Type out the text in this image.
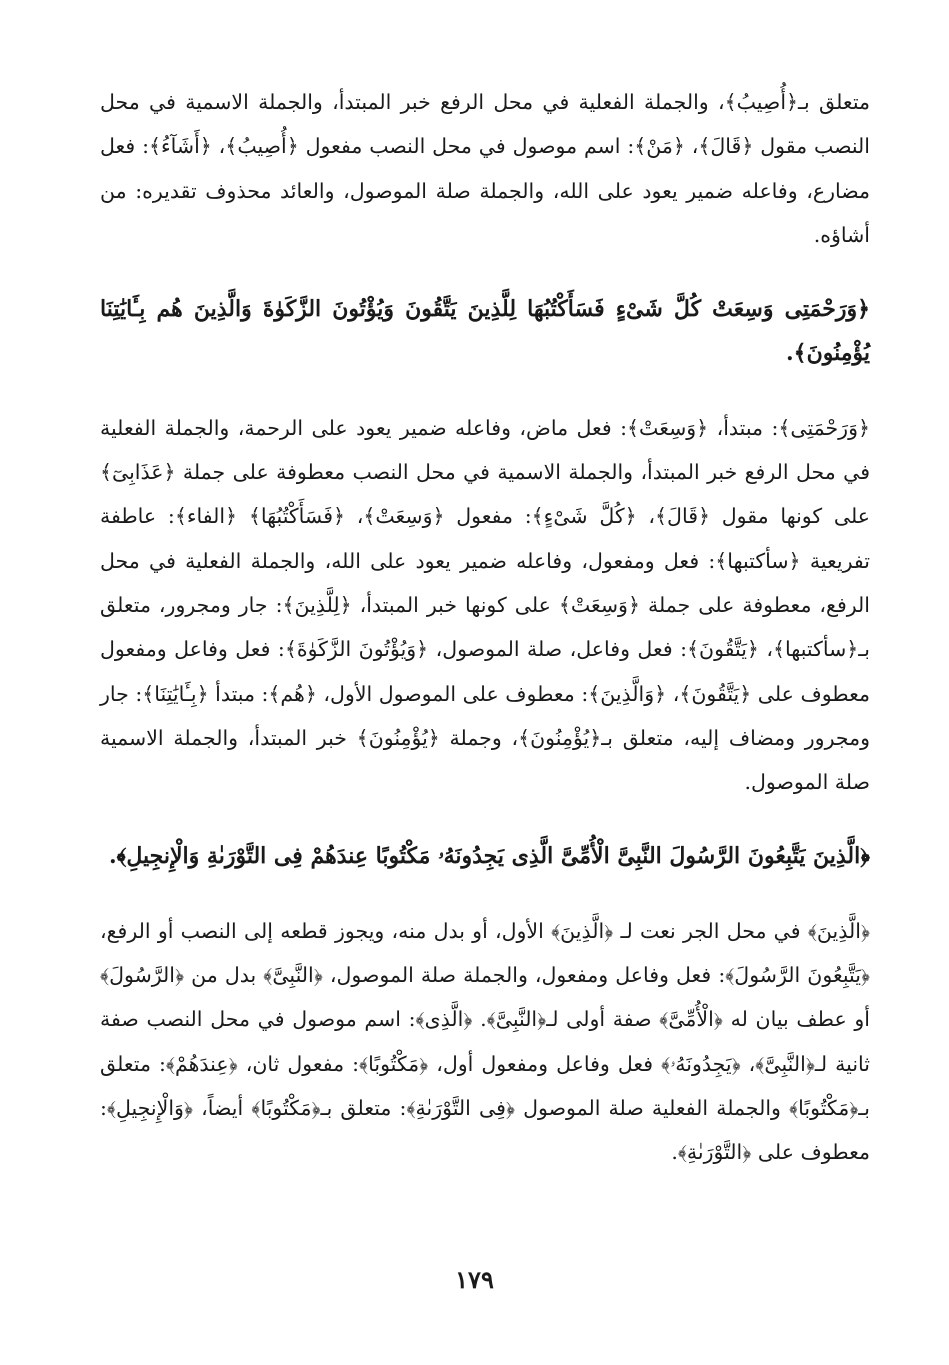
متعلق بـ﴿أُصِيبُ﴾، والجملة الفعلية في محل الرفع خبر المبتدأ، والجملة الاسمية في محل النصب مقول ﴿قَالَ﴾، ﴿مَنْ﴾: اسم موصول في محل النصب مفعول ﴿أُصِيبُ﴾، ﴿أَشَآءُ﴾: فعل مضارع، وفاعله ضمير يعود على الله، والجملة صلة الموصول، والعائد محذوف تقديره: من أشاؤه.

﴿وَرَحْمَتِى وَسِعَتْ كُلَّ شَىْءٍ فَسَأَكْتُبُهَا لِلَّذِينَ يَتَّقُونَ وَيُؤْتُونَ الزَّكَوٰةَ وَالَّذِينَ هُم بِـَٔايَٰتِنَا يُؤْمِنُونَ﴾.

﴿وَرَحْمَتِى﴾: مبتدأ، ﴿وَسِعَتْ﴾: فعل ماض، وفاعله ضمير يعود على الرحمة، والجملة الفعلية في محل الرفع خبر المبتدأ، والجملة الاسمية في محل النصب معطوفة على جملة ﴿عَذَابِىٓ﴾ على كونها مقول ﴿قَالَ﴾، ﴿كُلَّ شَىْءٍ﴾: مفعول ﴿وَسِعَتْ﴾، ﴿فَسَأَكْتُبُهَا﴾ ﴿الفاء﴾: عاطفة تفريعية ﴿سأكتبها﴾: فعل ومفعول، وفاعله ضمير يعود على الله، والجملة الفعلية في محل الرفع، معطوفة على جملة ﴿وَسِعَتْ﴾ على كونها خبر المبتدأ، ﴿لِلَّذِينَ﴾: جار ومجرور، متعلق بـ﴿سأكتبها﴾، ﴿يَتَّقُونَ﴾: فعل وفاعل، صلة الموصول، ﴿وَيُؤْتُونَ الزَّكَوٰةَ﴾: فعل وفاعل ومفعول معطوف على ﴿يَتَّقُونَ﴾، ﴿وَالَّذِينَ﴾: معطوف على الموصول الأول، ﴿هُم﴾: مبتدأ ﴿بِـَٔايَٰتِنَا﴾: جار ومجرور ومضاف إليه، متعلق بـ﴿يُؤْمِنُونَ﴾، وجملة ﴿يُؤْمِنُونَ﴾ خبر المبتدأ، والجملة الاسمية صلة الموصول.

﴿الَّذِينَ يَتَّبِعُونَ الرَّسُولَ النَّبِىَّ الْأُمِّىَّ الَّذِى يَجِدُونَهُۥ مَكْتُوبًا عِندَهُمْ فِى التَّوْرَىٰةِ وَالْإِنجِيلِ﴾.

﴿الَّذِينَ﴾ في محل الجر نعت لـ ﴿الَّذِينَ﴾ الأول، أو بدل منه، ويجوز قطعه إلى النصب أو الرفع، ﴿يَتَّبِعُونَ الرَّسُولَ﴾: فعل وفاعل ومفعول، والجملة صلة الموصول، ﴿النَّبِىَّ﴾ بدل من ﴿الرَّسُولَ﴾ أو عطف بيان له ﴿الْأُمِّىَّ﴾ صفة أولى لـ﴿النَّبِىَّ﴾. ﴿الَّذِى﴾: اسم موصول في محل النصب صفة ثانية لـ﴿النَّبِىَّ﴾، ﴿يَجِدُونَهُۥ﴾ فعل وفاعل ومفعول أول، ﴿مَكْتُوبًا﴾: مفعول ثان، ﴿عِندَهُمْ﴾: متعلق بـ﴿مَكْتُوبًا﴾ والجملة الفعلية صلة الموصول ﴿فِى التَّوْرَىٰةِ﴾: متعلق بـ﴿مَكْتُوبًا﴾ أيضاً، ﴿وَالْإِنجِيلِ﴾: معطوف على ﴿التَّوْرَىٰةِ﴾.

١٧٩
